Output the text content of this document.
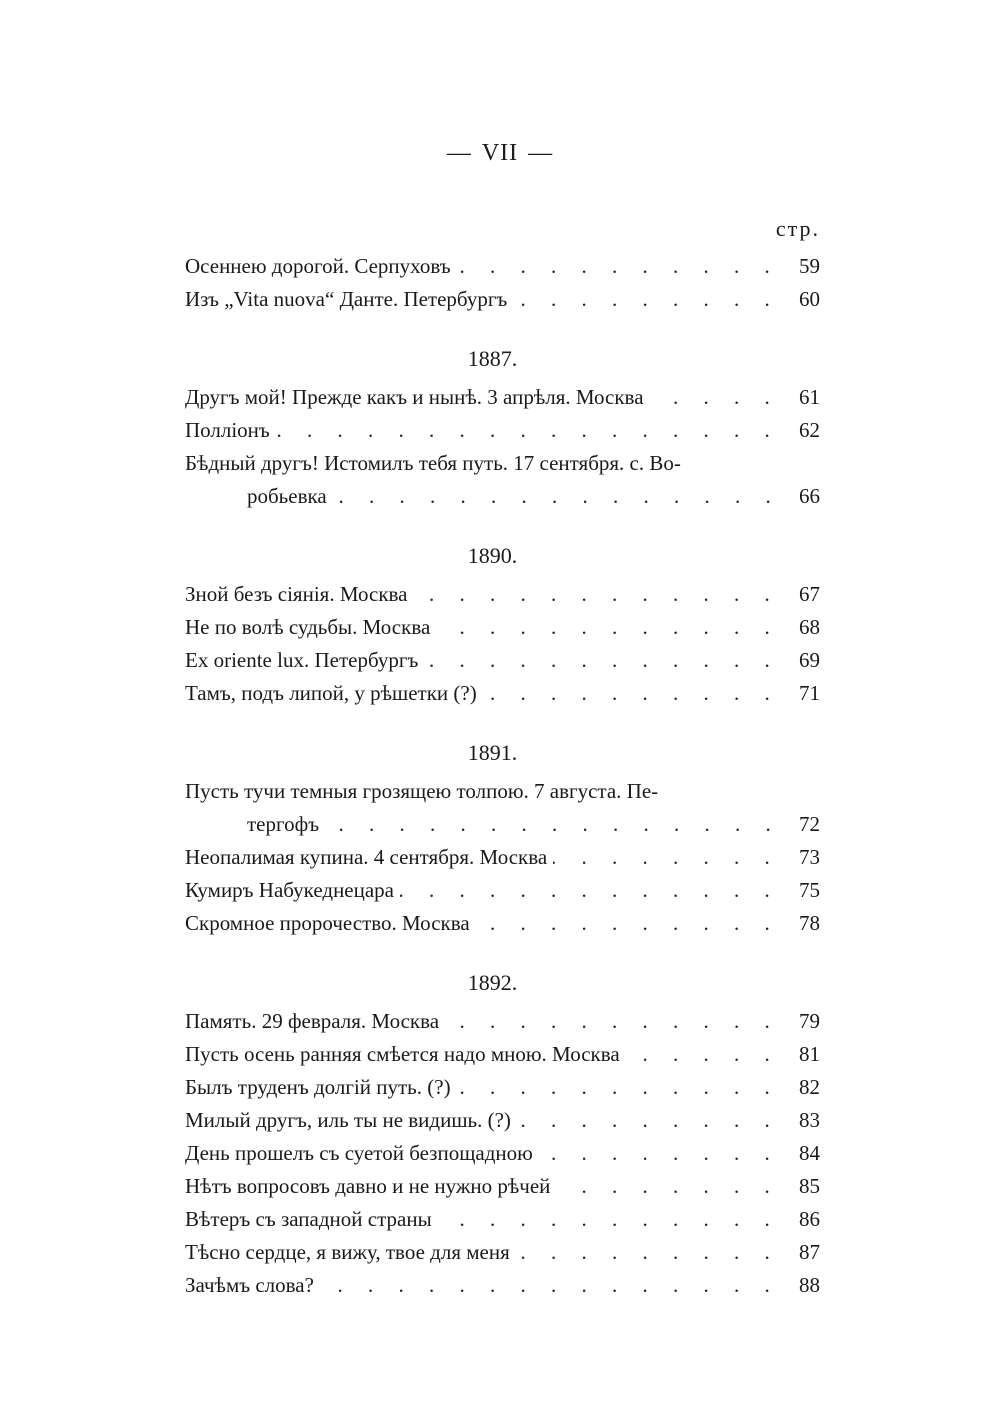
— VII —
стр.
. . .
Осеннею дорогой. Серпуховъ	59
. . .
Изъ „Vita nuova“ Данте. Петербургъ	60
1887.
. . .
Другъ мой! Прежде какъ и нынѣ. 3 апрѣля. Москва	61
. . .
Полліонъ	62
Бѣдный другъ! Истомилъ тебя путь. 17 сентября. с. Во-
. . .
робьевка	66
1890.
. . .
Зной безъ сіянія. Москва	67
. . .
Не по волѣ судьбы. Москва	68
. . .
Ex oriente lux. Петербургъ	69
. . .
Тамъ, подъ липой, у рѣшетки (?)	71
1891.
Пусть тучи темныя грозящею толпою. 7 августа. Пе-
. . .
тергофъ	72
. . .
Неопалимая купина. 4 сентября. Москва	73
. . .
Кумиръ Набукеднецара	75
. . .
Скромное пророчество. Москва	78
1892.
. . .
Память. 29 февраля. Москва	79
. . .
Пусть осень ранняя смѣется надо мною. Москва	81
. . .
Былъ труденъ долгій путь. (?)	82
. . .
Милый другъ, иль ты не видишь. (?)	83
. . .
День прошелъ съ суетой безпощадною	84
. . .
Нѣтъ вопросовъ давно и не нужно рѣчей	85
. . .
Вѣтеръ съ западной страны	86
. . .
Тѣсно сердце, я вижу, твое для меня	87
. . .
Зачѣмъ слова?	88
